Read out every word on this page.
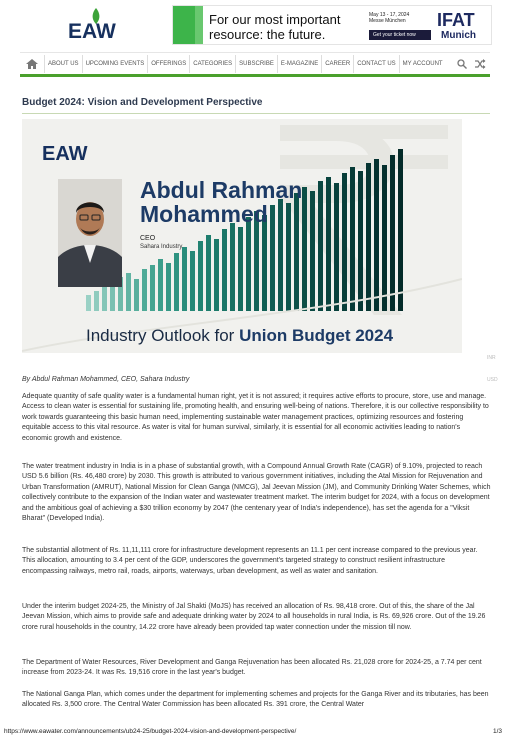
EAW
For our most important
resource: the future.
May 13 - 17, 2024
Messe München
Get your ticket now
IFAT
Munich
ABOUT US	UPCOMING EVENTS	OFFERINGS	CATEGORIES	SUBSCRIBE	E-MAGAZINE	CAREER	CONTACT US	MY ACCOUNT
Budget 2024: Vision and Development Perspective
EAW
Abdul Rahman
Mohammed
CEO
Sahara Industry
Industry Outlook for Union Budget 2024
INR
USD

By Abdul Rahman Mohammed, CEO, Sahara Industry

Adequate quantity of safe quality water is a fundamental human right, yet it is not assured; it requires active efforts to procure, store, use and manage. Access to clean water is essential for sustaining life, promoting health, and ensuring well-being of nations. Therefore, it is our collective responsibility to work towards guaranteeing this basic human need, implementing sustainable water management practices, optimizing resources and fostering equitable access to this vital resource. As water is vital for human survival, similarly, it is essential for all economic activities leading to nation's economic growth and existence.

The water treatment industry in India is in a phase of substantial growth, with a Compound Annual Growth Rate (CAGR) of 9.10%, projected to reach USD 5.6 billion (Rs. 46,480 crore) by 2030. This growth is attributed to various government initiatives, including the Atal Mission for Rejuvenation and Urban Transformation (AMRUT), National Mission for Clean Ganga (NMCG), Jal Jeevan Mission (JM), and Community Drinking Water Schemes, which collectively contribute to the expansion of the Indian water and wastewater treatment market. The interim budget for 2024, with a focus on development and the ambitious goal of achieving a $30 trillion economy by 2047 (the centenary year of India's independence), has set the agenda for a "Viksit Bharat" (Developed India).

The substantial allotment of Rs. 11,11,111 crore for infrastructure development represents an 11.1 per cent increase compared to the previous year. This allocation, amounting to 3.4 per cent of the GDP, underscores the government's targeted strategy to construct resilient infrastructure encompassing railways, metro rail, roads, airports, waterways, urban development, as well as water and sanitation.

Under the interim budget 2024-25, the Ministry of Jal Shakti (MoJS) has received an allocation of Rs. 98,418 crore. Out of this, the share of the Jal Jeevan Mission, which aims to provide safe and adequate drinking water by 2024 to all households in rural India, is Rs. 69,926 crore. Out of the 19.26 crore rural households in the country, 14.22 crore have already been provided tap water connection under the mission till now.

The Department of Water Resources, River Development and Ganga Rejuvenation has been allocated Rs. 21,028 crore for 2024-25, a 7.74 per cent increase from 2023-24. It was Rs. 19,516 crore in the last year's budget.

The National Ganga Plan, which comes under the department for implementing schemes and projects for the Ganga River and its tributaries, has been allocated Rs. 3,500 crore. The Central Water Commission has been allocated Rs. 391 crore, the Central Water

https://www.eawater.com/announcements/ub24-25/budget-2024-vision-and-development-perspective/	1/3
